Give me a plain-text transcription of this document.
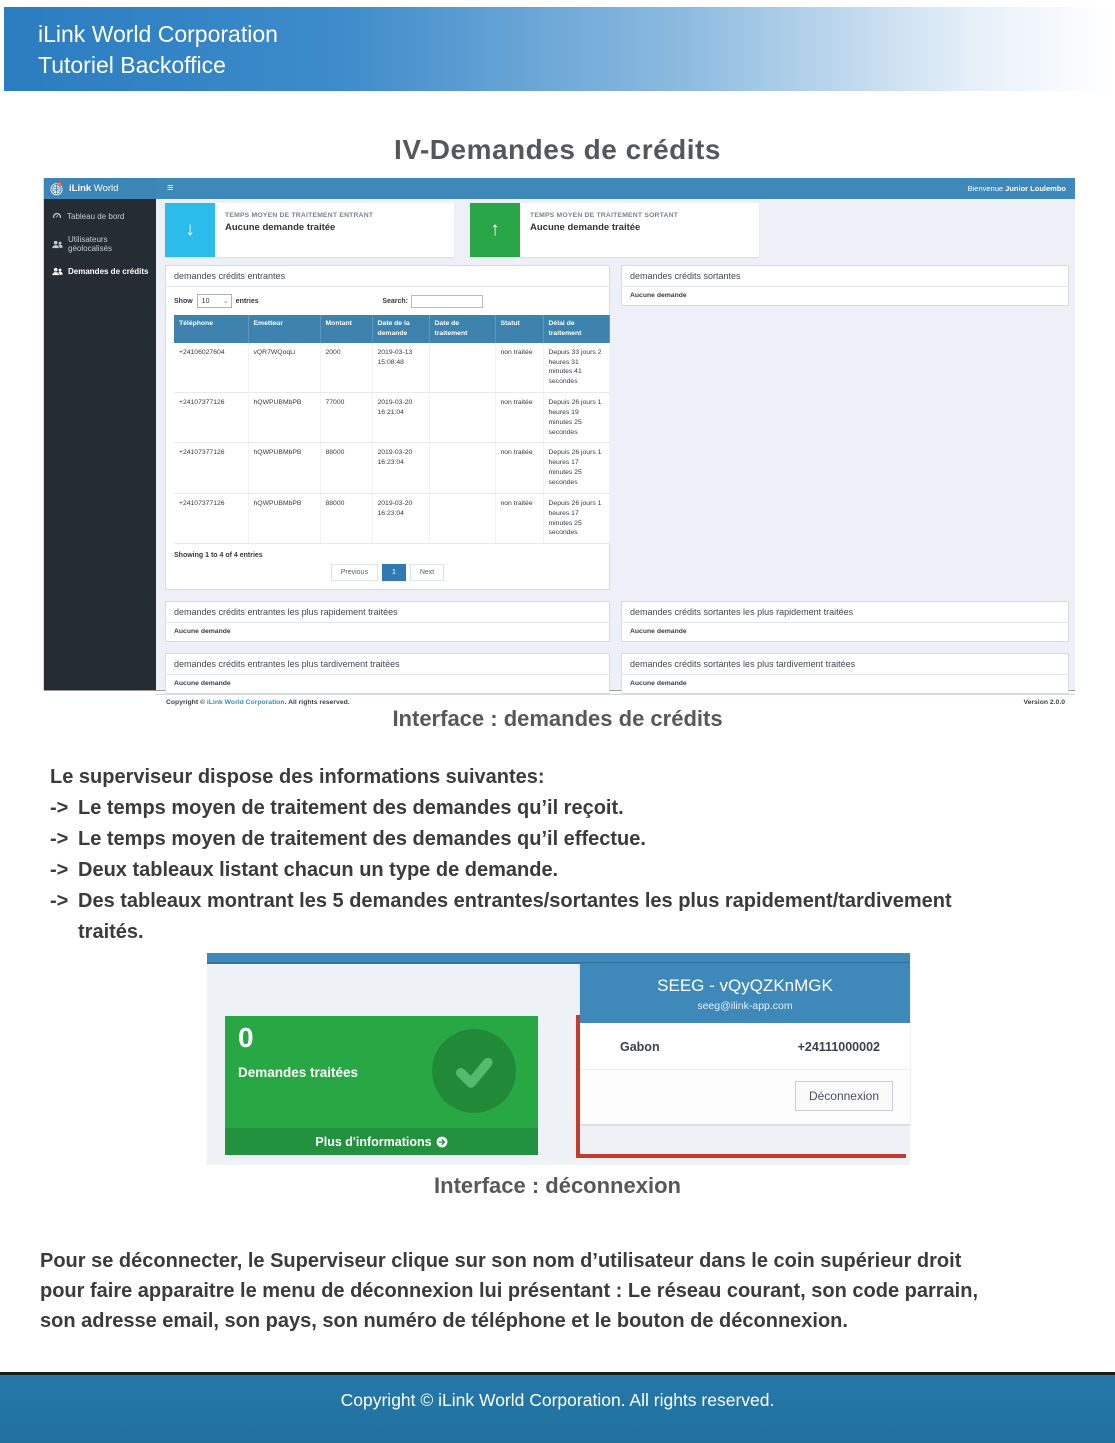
iLink World Corporation
Tutoriel Backoffice
IV-Demandes de crédits
iLink World	≡	Bienvenue Junior Loulembo
Tableau de bord
Utilisateurs géolocalisés
Demandes de crédits
↓
TEMPS MOYEN DE TRAITEMENT ENTRANT
Aucune demande traitée	↑
TEMPS MOYEN DE TRAITEMENT SORTANT
Aucune demande traitée
demandes crédits entrantes
Show 10 ⌄ entries	Search:
Téléphone	Emetteur	Montant	Date de la demande	Date de traitement	Statut	Délai de traitement
+24106027604	vQR7WQoqLi	2000	2019-03-13 15:08:48		non traitée	Depuis 33 jours 2 heures 31 minutes 41 secondes
+24107377126	hQWPUBMbPB	77000	2019-03-20 16:21:04		non traitée	Depuis 26 jours 1 heures 19 minutes 25 secondes
+24107377126	hQWPUBMbPB	88000	2019-03-20 16:23:04		non traitée	Depuis 26 jours 1 heures 17 minutes 25 secondes
+24107377126	hQWPUBMbPB	88000	2019-03-20 16:23:04		non traitée	Depuis 26 jours 1 heures 17 minutes 25 secondes
Showing 1 to 4 of 4 entries
Previous	1	Next
demandes crédits sortantes
Aucune demande
demandes crédits entrantes les plus rapidement traitées
Aucune demande
demandes crédits sortantes les plus rapidement traitées
Aucune demande
demandes crédits entrantes les plus tardivement traitées
Aucune demande
demandes crédits sortantes les plus tardivement traitées
Aucune demande
Copyright © iLink World Corporation. All rights reserved.	Version 2.0.0
Interface : demandes de crédits
Le superviseur dispose des informations suivantes:
-> Le temps moyen de traitement des demandes qu’il reçoit.
-> Le temps moyen de traitement des demandes qu’il effectue.
-> Deux tableaux listant chacun un type de demande.
-> Des tableaux montrant les 5 demandes entrantes/sortantes les plus rapidement/tardivement traités.
0
Demandes traitées
Plus d'informations
SEEG - vQyQZKnMGK
seeg@ilink-app.com
Gabon	+24111000002
Déconnexion
Interface : déconnexion
Pour se déconnecter, le Superviseur clique sur son nom d’utilisateur dans le coin supérieur droit pour faire apparaitre le menu de déconnexion lui présentant : Le réseau courant, son code parrain, son adresse email, son pays, son numéro de téléphone et le bouton de déconnexion.
Copyright © iLink World Corporation. All rights reserved.
